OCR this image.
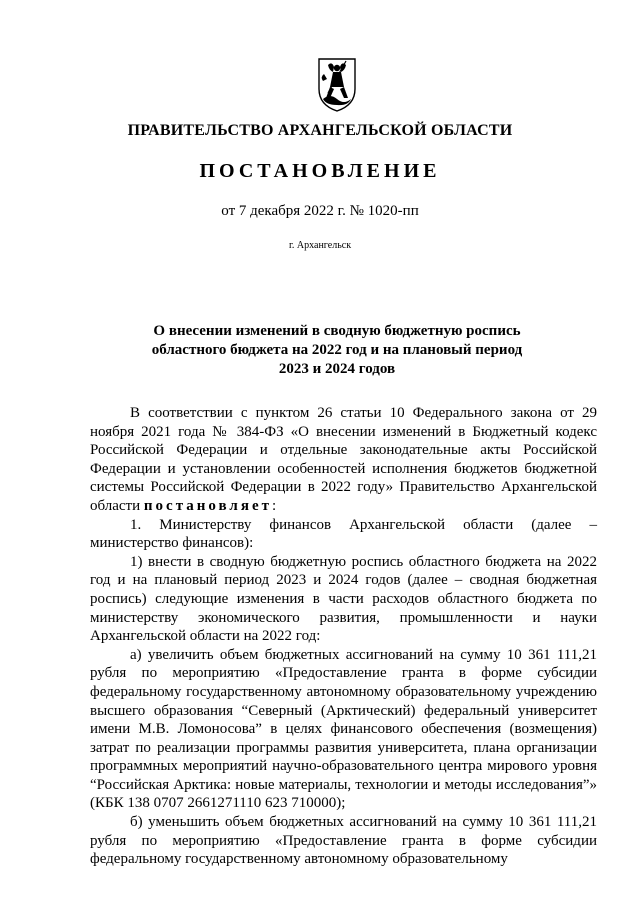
ПРАВИТЕЛЬСТВО АРХАНГЕЛЬСКОЙ ОБЛАСТИ
ПОСТАНОВЛЕНИЕ
от 7 декабря 2022 г. № 1020-пп
г. Архангельск
О внесении изменений в сводную бюджетную роспись
областного бюджета на 2022 год и на плановый период
2023 и 2024 годов

В соответствии с пунктом 26 статьи 10 Федерального закона от 29 ноября 2021 года № 384-ФЗ «О внесении изменений в Бюджетный кодекс Российской Федерации и отдельные законодательные акты Российской Федерации и установлении особенностей исполнения бюджетов бюджетной системы Российской Федерации в 2022 году» Правительство Архангельской области постановляет:

1. Министерству финансов Архангельской области (далее – министерство финансов):

1) внести в сводную бюджетную роспись областного бюджета на 2022 год и на плановый период 2023 и 2024 годов (далее – сводная бюджетная роспись) следующие изменения в части расходов областного бюджета по министерству экономического развития, промышленности и науки Архангельской области на 2022 год:

а) увеличить объем бюджетных ассигнований на сумму 10 361 111,21 рубля по мероприятию «Предоставление гранта в форме субсидии федеральному государственному автономному образовательному учреждению высшего образования “Северный (Арктический) федеральный университет имени М.В. Ломоносова” в целях финансового обеспечения (возмещения) затрат по реализации программы развития университета, плана организации программных мероприятий научно-образовательного центра мирового уровня “Российская Арктика: новые материалы, технологии и методы исследования”» (КБК 138 0707 2661271110 623 710000);

б) уменьшить объем бюджетных ассигнований на сумму 10 361 111,21 рубля по мероприятию «Предоставление гранта в форме субсидии федеральному государственному автономному образовательному
